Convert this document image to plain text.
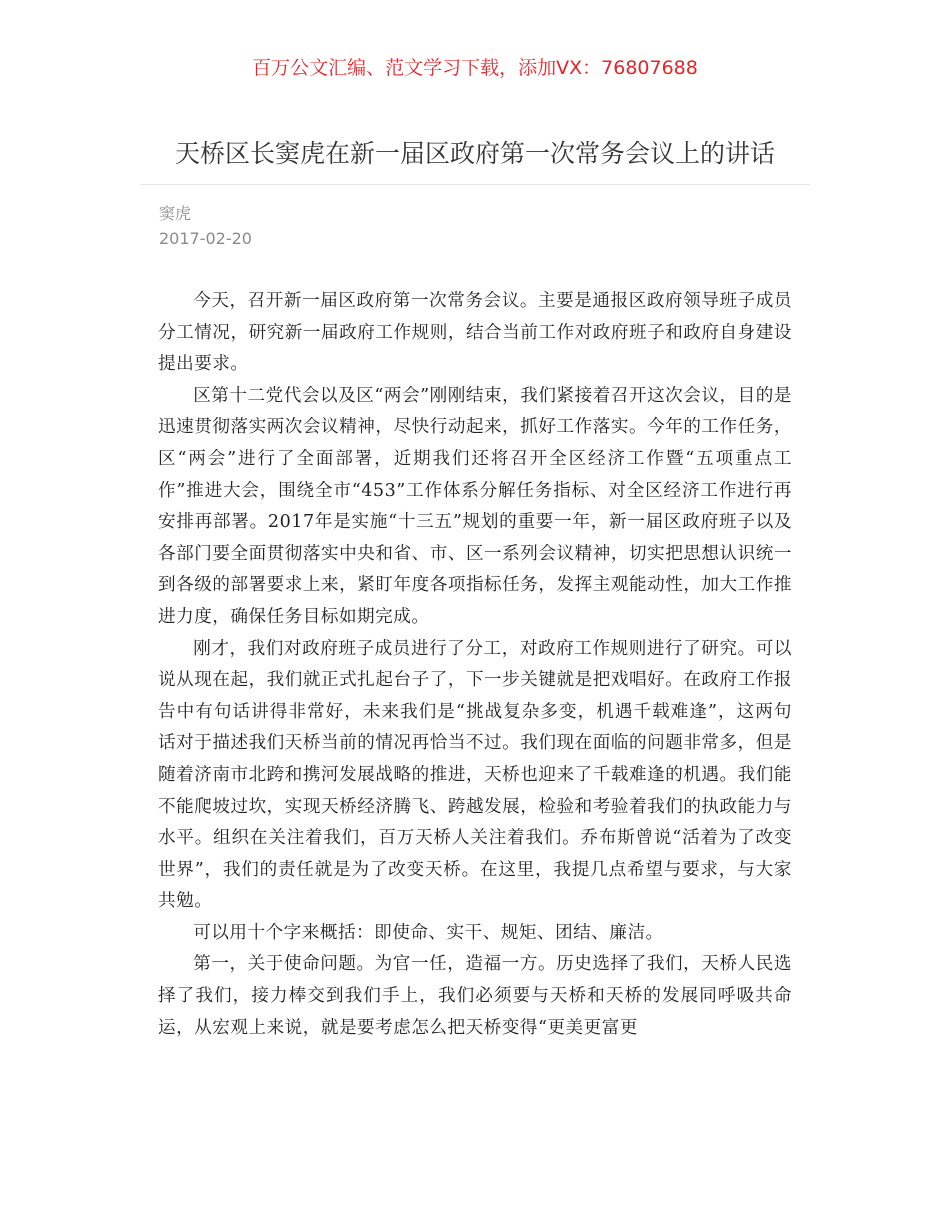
百万公文汇编、范文学习下载，添加VX：76807688
天桥区长窦虎在新一届区政府第一次常务会议上的讲话
窦虎
2017-02-20

今天，召开新一届区政府第一次常务会议。主要是通报区政府领导班子成员分工情况，研究新一届政府工作规则，结合当前工作对政府班子和政府自身建设提出要求。

区第十二党代会以及区“两会”刚刚结束，我们紧接着召开这次会议，目的是迅速贯彻落实两次会议精神，尽快行动起来，抓好工作落实。今年的工作任务，区“两会”进行了全面部署，近期我们还将召开全区经济工作暨“五项重点工作”推进大会，围绕全市“453”工作体系分解任务指标、对全区经济工作进行再安排再部署。2017年是实施“十三五”规划的重要一年，新一届区政府班子以及各部门要全面贯彻落实中央和省、市、区一系列会议精神，切实把思想认识统一到各级的部署要求上来，紧盯年度各项指标任务，发挥主观能动性，加大工作推进力度，确保任务目标如期完成。

刚才，我们对政府班子成员进行了分工，对政府工作规则进行了研究。可以说从现在起，我们就正式扎起台子了，下一步关键就是把戏唱好。在政府工作报告中有句话讲得非常好，未来我们是“挑战复杂多变，机遇千载难逢”，这两句话对于描述我们天桥当前的情况再恰当不过。我们现在面临的问题非常多，但是随着济南市北跨和携河发展战略的推进，天桥也迎来了千载难逢的机遇。我们能不能爬坡过坎，实现天桥经济腾飞、跨越发展，检验和考验着我们的执政能力与水平。组织在关注着我们，百万天桥人关注着我们。乔布斯曾说“活着为了改变世界”，我们的责任就是为了改变天桥。在这里，我提几点希望与要求，与大家共勉。

可以用十个字来概括：即使命、实干、规矩、团结、廉洁。

第一，关于使命问题。为官一任，造福一方。历史选择了我们，天桥人民选择了我们，接力棒交到我们手上，我们必须要与天桥和天桥的发展同呼吸共命运，从宏观上来说，就是要考虑怎么把天桥变得“更美更富更
